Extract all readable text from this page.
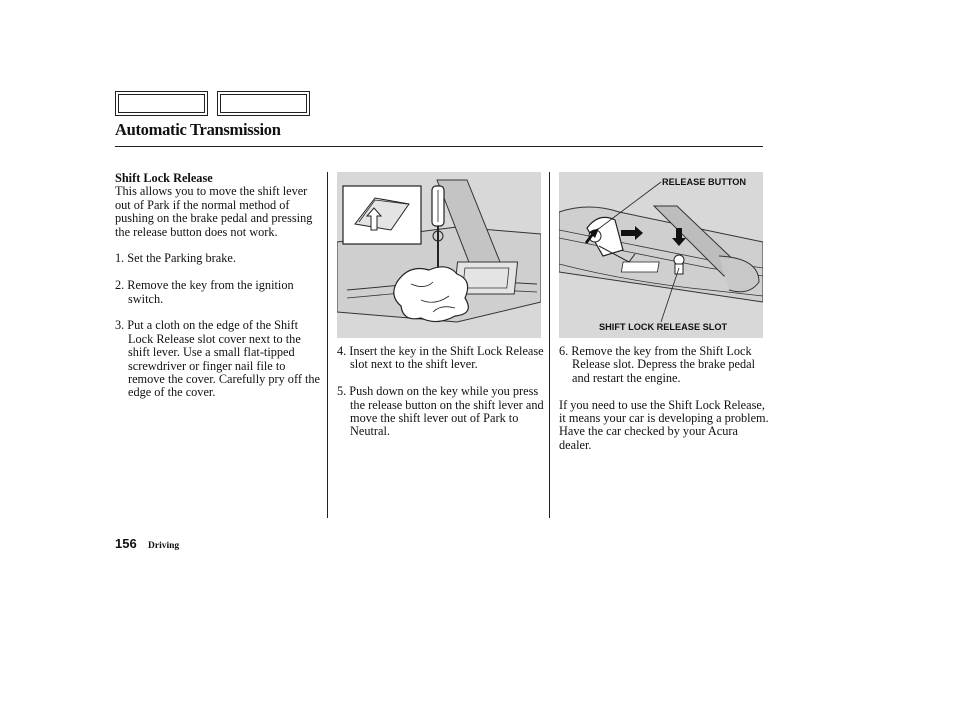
Automatic Transmission

Shift Lock Release

This allows you to move the shift lever out of Park if the normal method of pushing on the brake pedal and pressing the release button does not work.

1. Set the Parking brake.

2. Remove the key from the ignition switch.

3. Put a cloth on the edge of the Shift Lock Release slot cover next to the shift lever. Use a small flat-tipped screwdriver or finger nail file to remove the cover. Carefully pry off the edge of the cover.

4. Insert the key in the Shift Lock Release slot next to the shift lever.

5. Push down on the key while you press the release button on the shift lever and move the shift lever out of Park to Neutral.

RELEASE BUTTON
SHIFT LOCK RELEASE SLOT

6. Remove the key from the Shift Lock Release slot. Depress the brake pedal and restart the engine.

If you need to use the Shift Lock Release, it means your car is developing a problem. Have the car checked by your Acura dealer.

156 Driving
